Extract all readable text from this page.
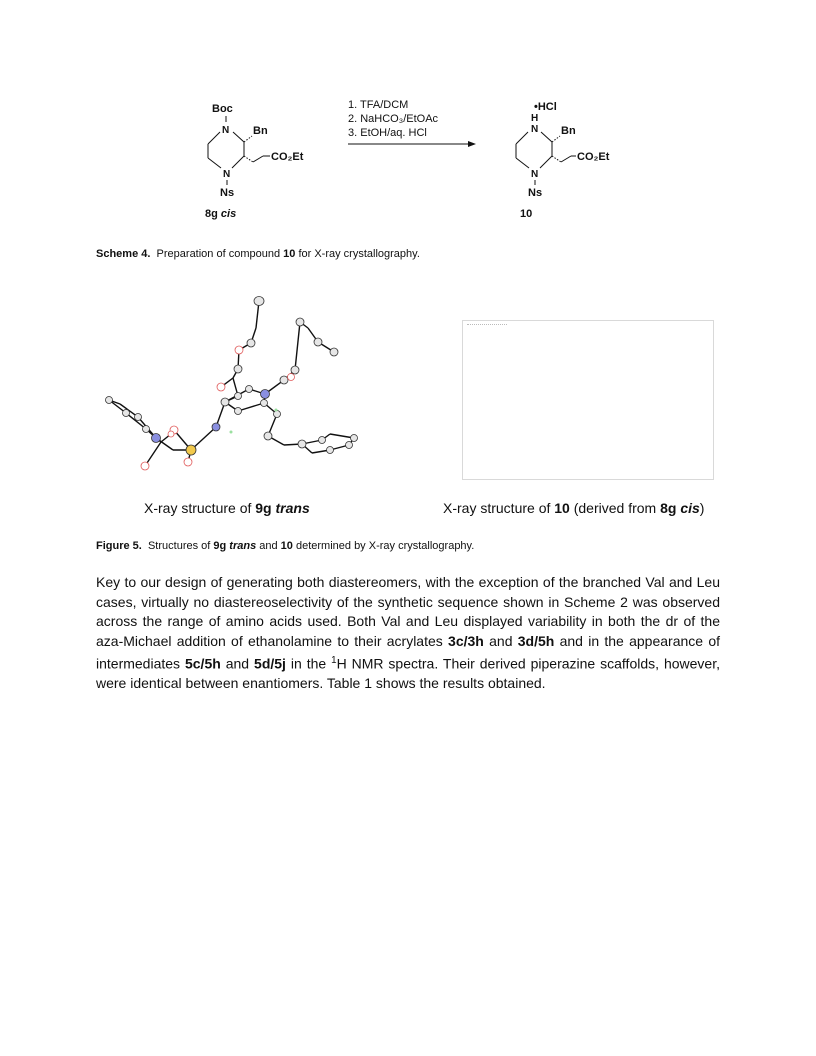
Boc
N
N
Ns
Bn
CO₂Et
8g cis
1. TFA/DCM
2. NaHCO₃/EtOAc
3. EtOH/aq. HCl
•HCl
H
N
N
Ns
Bn
CO₂Et
10
Scheme 4. Preparation of compound 10 for X-ray crystallography.
X-ray structure of 9g trans	X-ray structure of 10 (derived from 8g cis)
Figure 5. Structures of 9g trans and 10 determined by X-ray crystallography.
Key to our design of generating both diastereomers, with the exception of the branched Val and Leu cases, virtually no diastereoselectivity of the synthetic sequence shown in Scheme 2 was observed across the range of amino acids used. Both Val and Leu displayed variability in both the dr of the aza-Michael addition of ethanolamine to their acrylates 3c/3h and 3d/5h and in the appearance of intermediates 5c/5h and 5d/5j in the $^1$H NMR spectra. Their derived piperazine scaffolds, however, were identical between enantiomers. Table 1 shows the results obtained.
